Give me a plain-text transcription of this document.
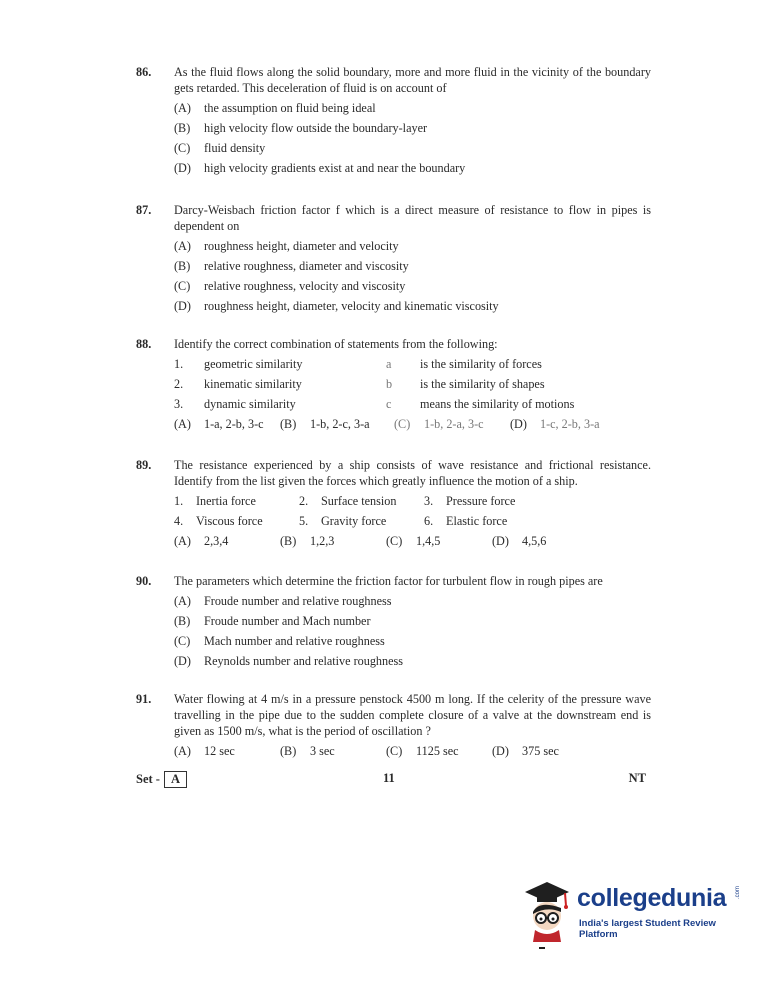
86.	As the fluid flows along the solid boundary, more and more fluid in the vicinity of the boundary gets retarded. This deceleration of fluid is on account of
(A)	the assumption on fluid being ideal
(B)	high velocity flow outside the boundary-layer
(C)	fluid density
(D)	high velocity gradients exist at and near the boundary
87.	Darcy-Weisbach friction factor f which is a direct measure of resistance to flow in pipes is dependent on
(A)	roughness height, diameter and velocity
(B)	relative roughness, diameter and viscosity
(C)	relative roughness, velocity and viscosity
(D)	roughness height, diameter, velocity and kinematic viscosity
88.	Identify the correct combination of statements from the following:
1.	geometric similarity	a	is the similarity of forces
2.	kinematic similarity	b	is the similarity of shapes
3.	dynamic similarity	c	means the similarity of motions
(A)	1-a, 2-b, 3-c	(B)	1-b, 2-c, 3-a	(C)	1-b, 2-a, 3-c	(D)	1-c, 2-b, 3-a
89.	The resistance experienced by a ship consists of wave resistance and frictional resistance. Identify from the list given the forces which greatly influence the motion of a ship.
1.	Inertia force	2.	Surface tension	3.	Pressure force
4.	Viscous force	5.	Gravity force	6.	Elastic force
(A)	2,3,4	(B)	1,2,3	(C)	1,4,5	(D)	4,5,6
90.	The parameters which determine the friction factor for turbulent flow in rough pipes are
(A)	Froude number and relative roughness
(B)	Froude number and Mach number
(C)	Mach number and relative roughness
(D)	Reynolds number and relative roughness
91.	Water flowing at 4 m/s in a pressure penstock 4500 m long. If the celerity of the pressure wave travelling in the pipe due to the sudden complete closure of a valve at the downstream end is given as 1500 m/s, what is the period of oscillation ?
(A)	12 sec	(B)	3 sec	(C)	1125 sec	(D)	375 sec
Set - A	11	NT
collegedunia .com
India's largest Student Review Platform
